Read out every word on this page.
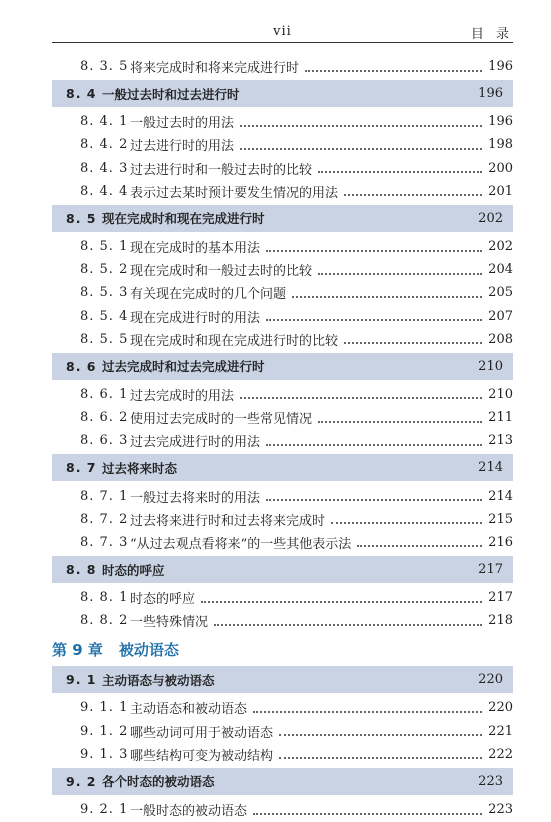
vii	目 录
8. 3. 5 将来完成时和将来完成进行时	196
8. 4 一般过去时和过去进行时	196
8. 4. 1 一般过去时的用法	196
8. 4. 2 过去进行时的用法	198
8. 4. 3 过去进行时和一般过去时的比较	200
8. 4. 4 表示过去某时预计要发生情况的用法	201
8. 5 现在完成时和现在完成进行时	202
8. 5. 1 现在完成时的基本用法	202
8. 5. 2 现在完成时和一般过去时的比较	204
8. 5. 3 有关现在完成时的几个问题	205
8. 5. 4 现在完成进行时的用法	207
8. 5. 5 现在完成时和现在完成进行时的比较	208
8. 6 过去完成时和过去完成进行时	210
8. 6. 1 过去完成时的用法	210
8. 6. 2 使用过去完成时的一些常见情况	211
8. 6. 3 过去完成进行时的用法	213
8. 7 过去将来时态	214
8. 7. 1 一般过去将来时的用法	214
8. 7. 2 过去将来进行时和过去将来完成时	215
8. 7. 3 “从过去观点看将来”的一些其他表示法	216
8. 8 时态的呼应	217
8. 8. 1 时态的呼应	217
8. 8. 2 一些特殊情况	218
第 9 章 被动语态
9. 1 主动语态与被动语态	220
9. 1. 1 主动语态和被动语态	220
9. 1. 2 哪些动词可用于被动语态	221
9. 1. 3 哪些结构可变为被动结构	222
9. 2 各个时态的被动语态	223
9. 2. 1 一般时态的被动语态	223
